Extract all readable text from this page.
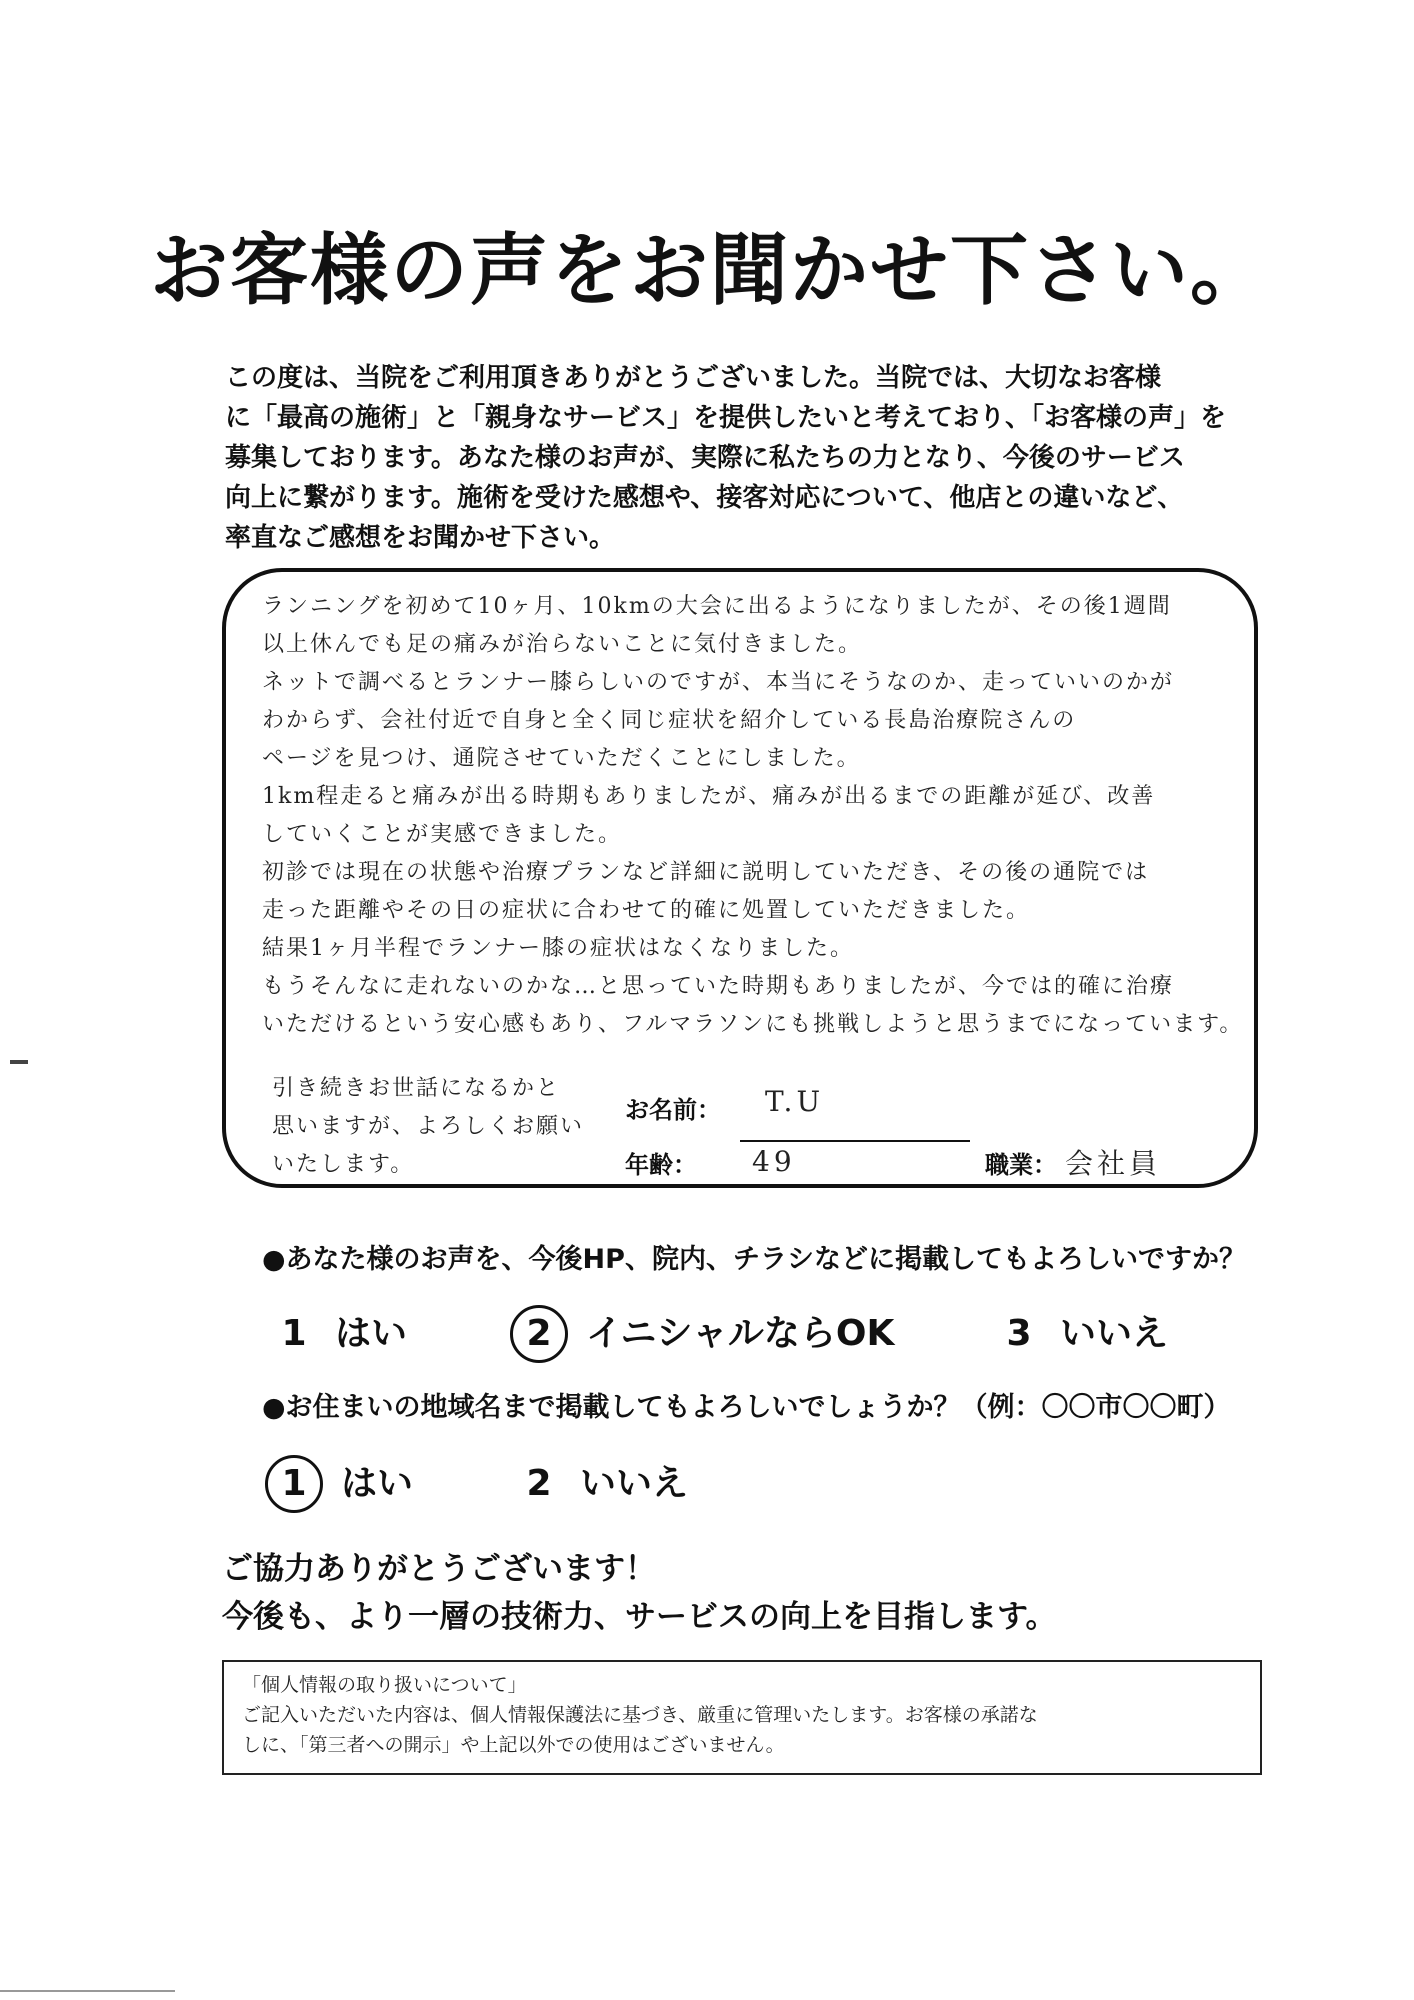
お客様の声をお聞かせ下さい。

この度は、当院をご利用頂きありがとうございました。当院では、大切なお客様

に「最高の施術」と「親身なサービス」を提供したいと考えており、「お客様の声」を

募集しております。あなた様のお声が、実際に私たちの力となり、今後のサービス

向上に繋がります。施術を受けた感想や、接客対応について、他店との違いなど、

率直なご感想をお聞かせ下さい。

ランニングを初めて10ヶ月、10kmの大会に出るようになりましたが、その後1週間

以上休んでも足の痛みが治らないことに気付きました。

ネットで調べるとランナー膝らしいのですが、本当にそうなのか、走っていいのかが

わからず、会社付近で自身と全く同じ症状を紹介している長島治療院さんの

ページを見つけ、通院させていただくことにしました。

1km程走ると痛みが出る時期もありましたが、痛みが出るまでの距離が延び、改善

していくことが実感できました。

初診では現在の状態や治療プランなど詳細に説明していただき、その後の通院では

走った距離やその日の症状に合わせて的確に処置していただきました。

結果1ヶ月半程でランナー膝の症状はなくなりました。

もうそんなに走れないのかな…と思っていた時期もありましたが、今では的確に治療

いただけるという安心感もあり、フルマラソンにも挑戦しようと思うまでになっています。

引き続きお世話になるかと

思いますが、よろしくお願い

いたします。

お名前： T.U
年齢： 49	職業： 会社員
●あなた様のお声を、今後HP、院内、チラシなどに掲載してもよろしいですか？
1 はい	2 イニシャルならOK	3 いいえ
●お住まいの地域名まで掲載してもよろしいでしょうか？（例：〇〇市〇〇町）
1 はい	2 いいえ

ご協力ありがとうございます！

今後も、より一層の技術力、サービスの向上を目指します。

「個人情報の取り扱いについて」

ご記入いただいた内容は、個人情報保護法に基づき、厳重に管理いたします。お客様の承諾な

しに、「第三者への開示」や上記以外での使用はございません。
